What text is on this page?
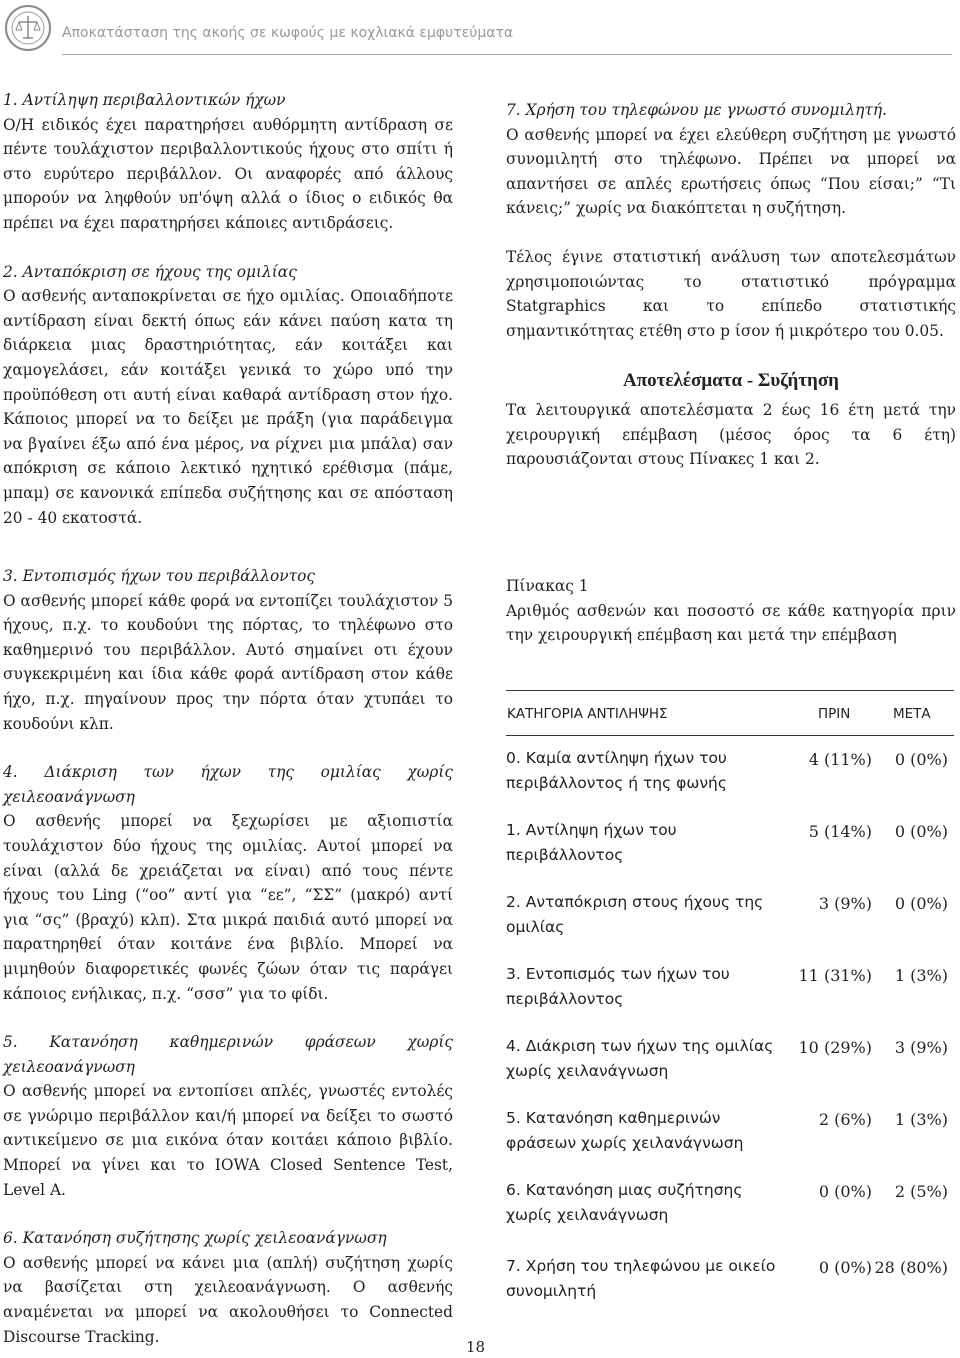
Αποκατάσταση της ακοής σε κωφούς με κοχλιακά εμφυτεύματα

1. Αντίληψη περιβαλλοντικών ήχων

Ο/Η ειδικός έχει παρατηρήσει αυθόρμητη αντίδραση σε πέντε τουλάχιστον περιβαλλοντικούς ήχους στο σπίτι ή στο ευρύτερο περιβάλλον. Οι αναφορές από άλλους μπορούν να ληφθούν υπ'όψη αλλά ο ίδιος ο ειδικός θα πρέπει να έχει παρατηρήσει κάποιες αντιδράσεις.

2. Ανταπόκριση σε ήχους της ομιλίας

Ο ασθενής ανταποκρίνεται σε ήχο ομιλίας. Οποιαδήποτε αντίδραση είναι δεκτή όπως εάν κάνει παύση κατα τη διάρκεια μιας δραστηριότητας, εάν κοιτάξει και χαμογελάσει, εάν κοιτάξει γενικά το χώρο υπό την προϋπόθεση οτι αυτή είναι καθαρά αντίδραση στον ήχο. Κάποιος μπορεί να το δείξει με πράξη (για παράδειγμα να βγαίνει έξω από ένα μέρος, να ρίχνει μια μπάλα) σαν απόκριση σε κάποιο λεκτικό ηχητικό ερέθισμα (πάμε, μπαμ) σε κανονικά επίπεδα συζήτησης και σε απόσταση 20 - 40 εκατοστά.

3. Εντοπισμός ήχων του περιβάλλοντος

Ο ασθενής μπορεί κάθε φορά να εντοπίζει τουλάχιστον 5 ήχους, π.χ. το κουδούνι της πόρτας, το τηλέφωνο στο καθημερινό του περιβάλλον. Αυτό σημαίνει οτι έχουν συγκεκριμένη και ίδια κάθε φορά αντίδραση στον κάθε ήχο, π.χ. πηγαίνουν προς την πόρτα όταν χτυπάει το κουδούνι κλπ.

4. Διάκριση των ήχων της ομιλίας χωρίς χειλεοανάγνωση

Ο ασθενής μπορεί να ξεχωρίσει με αξιοπιστία τουλάχιστον δύο ήχους της ομιλίας. Αυτοί μπορεί να είναι (αλλά δε χρειάζεται να είναι) από τους πέντε ήχους του Ling (“οο” αντί για “εε”, “ΣΣ” (μακρό) αντί για “σς” (βραχύ) κλπ). Στα μικρά παιδιά αυτό μπορεί να παρατηρηθεί όταν κοιτάνε ένα βιβλίο. Μπορεί να μιμηθούν διαφορετικές φωνές ζώων όταν τις παράγει κάποιος ενήλικας, π.χ. “σσσ” για το φίδι.

5. Κατανόηση καθημερινών φράσεων χωρίς χειλεοανάγνωση

Ο ασθενής μπορεί να εντοπίσει απλές, γνωστές εντολές σε γνώριμο περιβάλλον και/ή μπορεί να δείξει το σωστό αντικείμενο σε μια εικόνα όταν κοιτάει κάποιο βιβλίο. Μπορεί να γίνει και το IOWA Closed Sentence Test, Level A.

6. Κατανόηση συζήτησης χωρίς χειλεοανάγνωση

Ο ασθενής μπορεί να κάνει μια (απλή) συζήτηση χωρίς να βασίζεται στη χειλεοανάγνωση. Ο ασθενής αναμένεται να μπορεί να ακολουθήσει το Connected Discourse Tracking.

7. Χρήση του τηλεφώνου με γνωστό συνομιλητή.

Ο ασθενής μπορεί να έχει ελεύθερη συζήτηση με γνωστό συνομιλητή στο τηλέφωνο. Πρέπει να μπορεί να απαντήσει σε απλές ερωτήσεις όπως “Που είσαι;” “Τι κάνεις;” χωρίς να διακόπτεται η συζήτηση.

Τέλος έγινε στατιστική ανάλυση των αποτελεσμάτων χρησιμοποιώντας το στατιστικό πρόγραμμα Statgraphics και το επίπεδο στατιστικής σημαντικότητας ετέθη στο p ίσον ή μικρότερο του 0.05.

Αποτελέσματα - Συζήτηση

Τα λειτουργικά αποτελέσματα 2 έως 16 έτη μετά την χειρουργική επέμβαση (μέσος όρος τα 6 έτη) παρουσιάζονται στους Πίνακες 1 και 2.

Πίνακας 1

Αριθμός ασθενών και ποσοστό σε κάθε κατηγορία πριν την χειρουργική επέμβαση και μετά την επέμβαση

ΚΑΤΗΓΟΡΙΑ ΑΝΤΙΛΗΨΗΣ	ΠΡΙΝ	ΜΕΤΑ
0. Καμία αντίληψη ήχων του περιβάλλοντος ή της φωνής
4 (11%)	0 (0%)
1. Αντίληψη ήχων του περιβάλλοντος
5 (14%)	0 (0%)
2. Ανταπόκριση στους ήχους της ομιλίας
3 (9%)	0 (0%)
3. Εντοπισμός των ήχων του περιβάλλοντος
11 (31%)	1 (3%)
4. Διάκριση των ήχων της ομιλίας χωρίς χειλανάγνωση
10 (29%)	3 (9%)
5. Κατανόηση καθημερινών φράσεων χωρίς χειλανάγνωση
2 (6%)	1 (3%)
6. Κατανόηση μιας συζήτησης χωρίς χειλανάγνωση
0 (0%)	2 (5%)
7. Χρήση του τηλεφώνου με οικείο συνομιλητή
0 (0%) 28 (80%)
18
